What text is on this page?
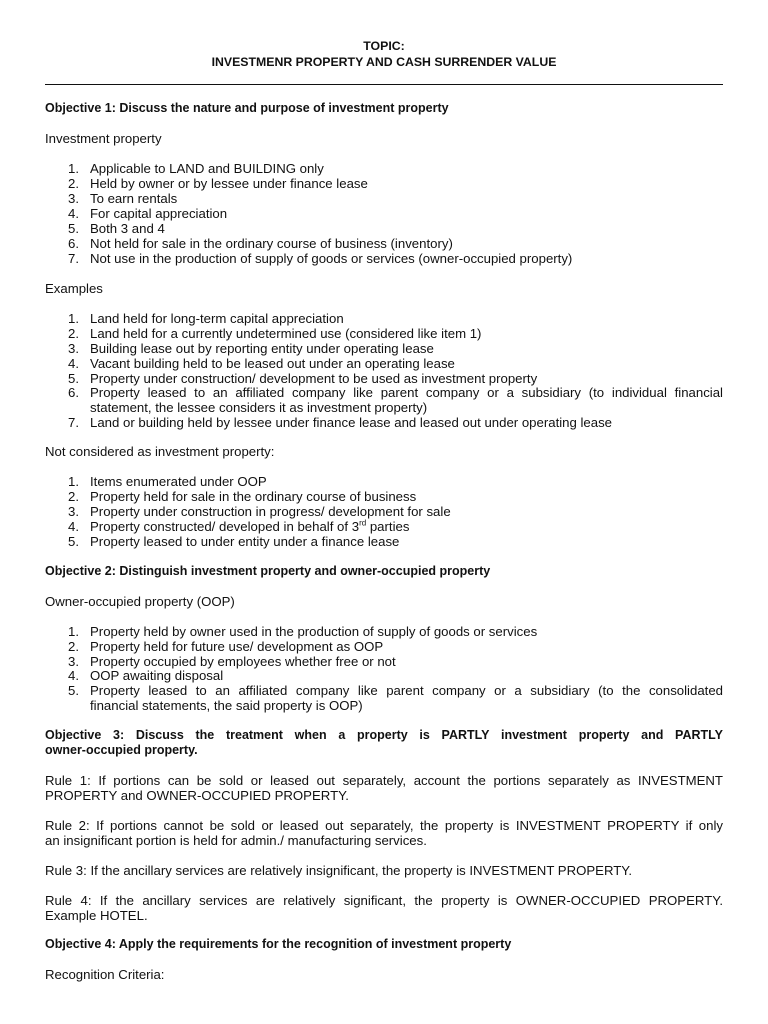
TOPIC:
INVESTMENR PROPERTY AND CASH SURRENDER VALUE
Objective 1: Discuss the nature and purpose of investment property
Investment property
1. Applicable to LAND and BUILDING only
2. Held by owner or by lessee under finance lease
3. To earn rentals
4. For capital appreciation
5. Both 3 and 4
6. Not held for sale in the ordinary course of business (inventory)
7. Not use in the production of supply of goods or services (owner-occupied property)
Examples
1. Land held for long-term capital appreciation
2. Land held for a currently undetermined use (considered like item 1)
3. Building lease out by reporting entity under operating lease
4. Vacant building held to be leased out under an operating lease
5. Property under construction/ development to be used as investment property
6. Property leased to an affiliated company like parent company or a subsidiary (to individual financial
statement, the lessee considers it as investment property)
7. Land or building held by lessee under finance lease and leased out under operating lease
Not considered as investment property:
1. Items enumerated under OOP
2. Property held for sale in the ordinary course of business
3. Property under construction in progress/ development for sale
4. Property constructed/ developed in behalf of 3rd parties
5. Property leased to under entity under a finance lease
Objective 2: Distinguish investment property and owner-occupied property
Owner-occupied property (OOP)
1. Property held by owner used in the production of supply of goods or services
2. Property held for future use/ development as OOP
3. Property occupied by employees whether free or not
4. OOP awaiting disposal
5. Property leased to an affiliated company like parent company or a subsidiary (to the consolidated
financial statements, the said property is OOP)
Objective 3: Discuss the treatment when a property is PARTLY investment property and PARTLY
owner-occupied property.
Rule 1: If portions can be sold or leased out separately, account the portions separately as INVESTMENT
PROPERTY and OWNER-OCCUPIED PROPERTY.
Rule 2: If portions cannot be sold or leased out separately, the property is INVESTMENT PROPERTY if only
an insignificant portion is held for admin./ manufacturing services.
Rule 3: If the ancillary services are relatively insignificant, the property is INVESTMENT PROPERTY.
Rule 4: If the ancillary services are relatively significant, the property is OWNER-OCCUPIED PROPERTY.
Example HOTEL.
Objective 4: Apply the requirements for the recognition of investment property
Recognition Criteria:
